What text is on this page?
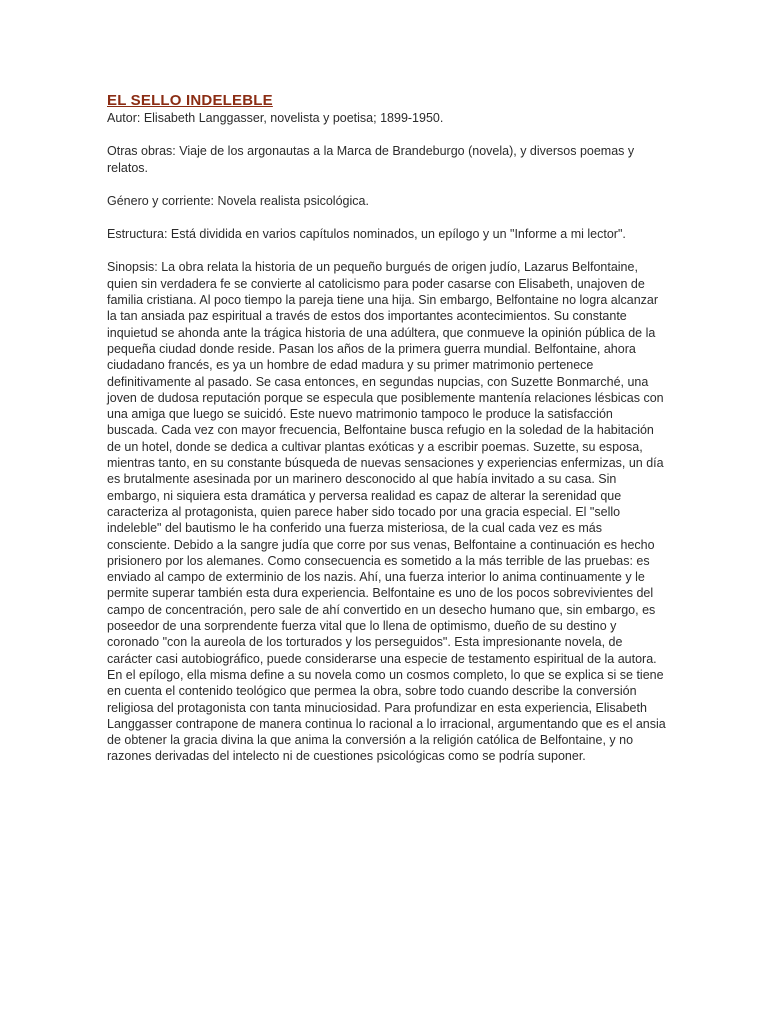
EL SELLO INDELEBLE

Autor: Elisabeth Langgasser, novelista y poetisa; 1899-1950.

Otras obras: Viaje de los argonautas a la Marca de Brandeburgo (novela), y diversos poemas y relatos.

Género y corriente: Novela realista psicológica.

Estructura: Está dividida en varios capítulos nominados, un epílogo y un "Informe a mi lector".

Sinopsis: La obra relata la historia de un pequeño burgués de origen judío, Lazarus Belfontaine, quien sin verdadera fe se convierte al catolicismo para poder casarse con Elisabeth, unajoven de familia cristiana. Al poco tiempo la pareja tiene una hija. Sin embargo, Belfontaine no logra alcanzar la tan ansiada paz espiritual a través de estos dos importantes acontecimientos. Su constante inquietud se ahonda ante la trágica historia de una adúltera, que conmueve la opinión pública de la pequeña ciudad donde reside. Pasan los años de la primera guerra mundial. Belfontaine, ahora ciudadano francés, es ya un hombre de edad madura y su primer matrimonio pertenece definitivamente al pasado. Se casa entonces, en segundas nupcias, con Suzette Bonmarché, una joven de dudosa reputación porque se especula que posiblemente mantenía relaciones lésbicas con una amiga que luego se suicidó. Este nuevo matrimonio tampoco le produce la satisfacción buscada. Cada vez con mayor frecuencia, Belfontaine busca refugio en la soledad de la habitación de un hotel, donde se dedica a cultivar plantas exóticas y a escribir poemas. Suzette, su esposa, mientras tanto, en su constante búsqueda de nuevas sensaciones y experiencias enfermizas, un día es brutalmente asesinada por un marinero desconocido al que había invitado a su casa. Sin embargo, ni siquiera esta dramática y perversa realidad es capaz de alterar la serenidad que caracteriza al protagonista, quien parece haber sido tocado por una gracia especial. El "sello indeleble" del bautismo le ha conferido una fuerza misteriosa, de la cual cada vez es más consciente. Debido a la sangre judía que corre por sus venas, Belfontaine a continuación es hecho prisionero por los alemanes. Como consecuencia es sometido a la más terrible de las pruebas: es enviado al campo de exterminio de los nazis. Ahí, una fuerza interior lo anima continuamente y le permite superar también esta dura experiencia. Belfontaine es uno de los pocos sobrevivientes del campo de concentración, pero sale de ahí convertido en un desecho humano que, sin embargo, es poseedor de una sorprendente fuerza vital que lo llena de optimismo, dueño de su destino y coronado "con la aureola de los torturados y los perseguidos". Esta impresionante novela, de carácter casi autobiográfico, puede considerarse una especie de testamento espiritual de la autora. En el epílogo, ella misma define a su novela como un cosmos completo, lo que se explica si se tiene en cuenta el contenido teológico que permea la obra, sobre todo cuando describe la conversión religiosa del protagonista con tanta minuciosidad. Para profundizar en esta experiencia, Elisabeth Langgasser contrapone de manera continua lo racional a lo irracional, argumentando que es el ansia de obtener la gracia divina la que anima la conversión a la religión católica de Belfontaine, y no razones derivadas del intelecto ni de cuestiones psicológicas como se podría suponer.
